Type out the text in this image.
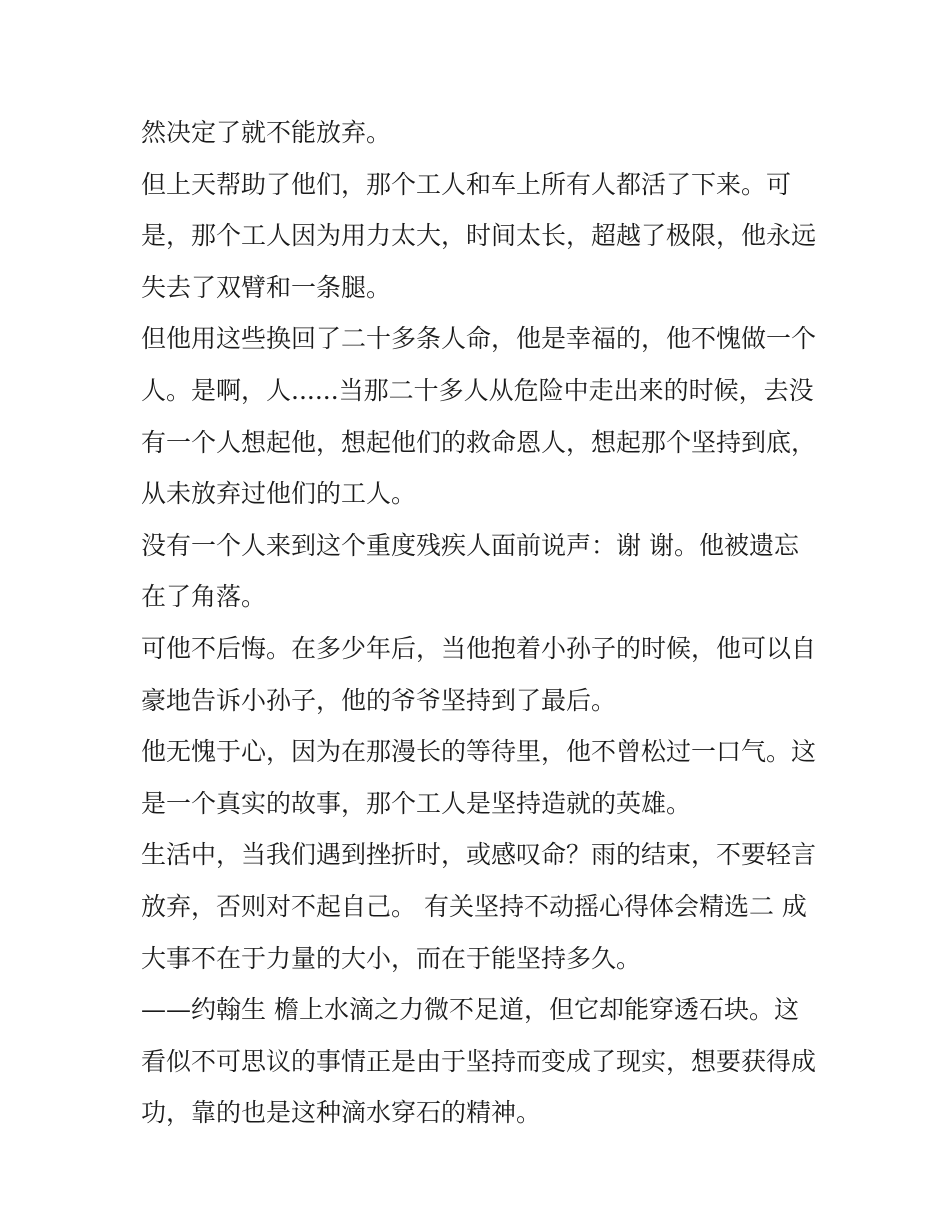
然决定了就不能放弃。
但上天帮助了他们，那个工人和车上所有人都活了下来。可
是，那个工人因为用力太大，时间太长，超越了极限，他永远
失去了双臂和一条腿。
但他用这些换回了二十多条人命，他是幸福的，他不愧做一个
人。是啊，人......当那二十多人从危险中走出来的时候，去没
有一个人想起他，想起他们的救命恩人，想起那个坚持到底，
从未放弃过他们的工人。
没有一个人来到这个重度残疾人面前说声：谢 谢。他被遗忘
在了角落。
可他不后悔。在多少年后，当他抱着小孙子的时候，他可以自
豪地告诉小孙子，他的爷爷坚持到了最后。
他无愧于心，因为在那漫长的等待里，他不曾松过一口气。这
是一个真实的故事，那个工人是坚持造就的英雄。
生活中，当我们遇到挫折时，或感叹命？雨的结束，不要轻言
放弃，否则对不起自己。 有关坚持不动摇心得体会精选二 成
大事不在于力量的大小，而在于能坚持多久。
——约翰生 檐上水滴之力微不足道，但它却能穿透石块。这
看似不可思议的事情正是由于坚持而变成了现实，想要获得成
功，靠的也是这种滴水穿石的精神。
